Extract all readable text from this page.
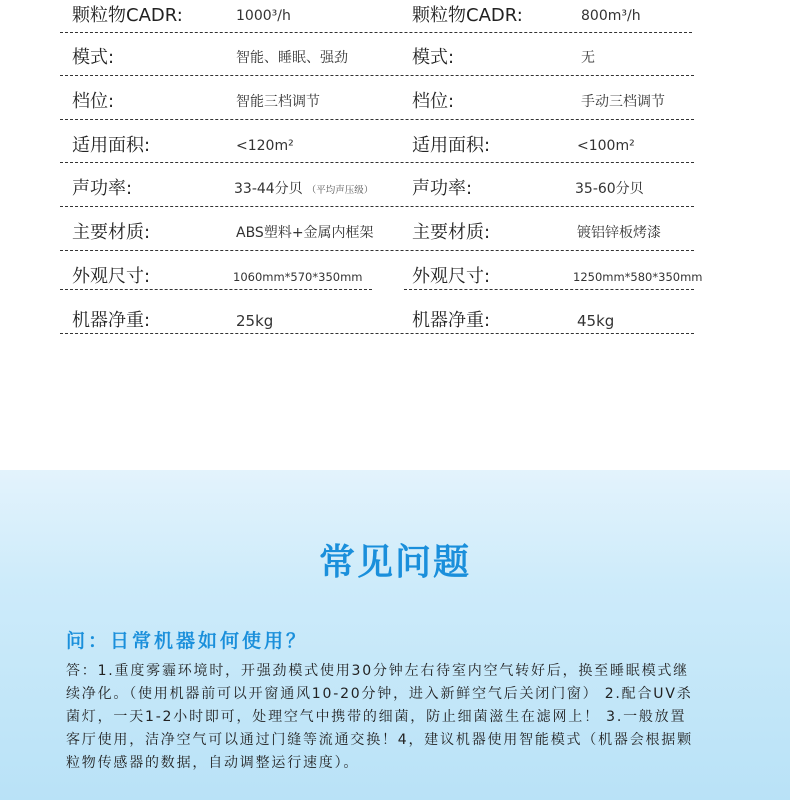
颗粒物CADR:	1000³/h	颗粒物CADR:	800m³/h
模式:	智能、睡眠、强劲	模式:	无
档位:	智能三档调节	档位:	手动三档调节
适用面积:	<120m²	适用面积:	<100m²
声功率:	33-44分贝 （平均声压级） 声功率:	35-60分贝
主要材质:	ABS塑料+金属内框架 主要材质:	镀铝锌板烤漆
外观尺寸:	1060mm*570*350mm	外观尺寸:	1250mm*580*350mm
机器净重:	25kg	机器净重:	45kg
常见问题
问：日常机器如何使用？
答：1.重度雾霾环境时，开强劲模式使用30分钟左右待室内空气转好后，换至睡眠模式继续净化。（使用机器前可以开窗通风10-20分钟，进入新鲜空气后关闭门窗） 2.配合UV杀菌灯，一天1-2小时即可，处理空气中携带的细菌，防止细菌滋生在滤网上！ 3.一般放置客厅使用，洁净空气可以通过门缝等流通交换！4，建议机器使用智能模式（机器会根据颗粒物传感器的数据，自动调整运行速度）。
